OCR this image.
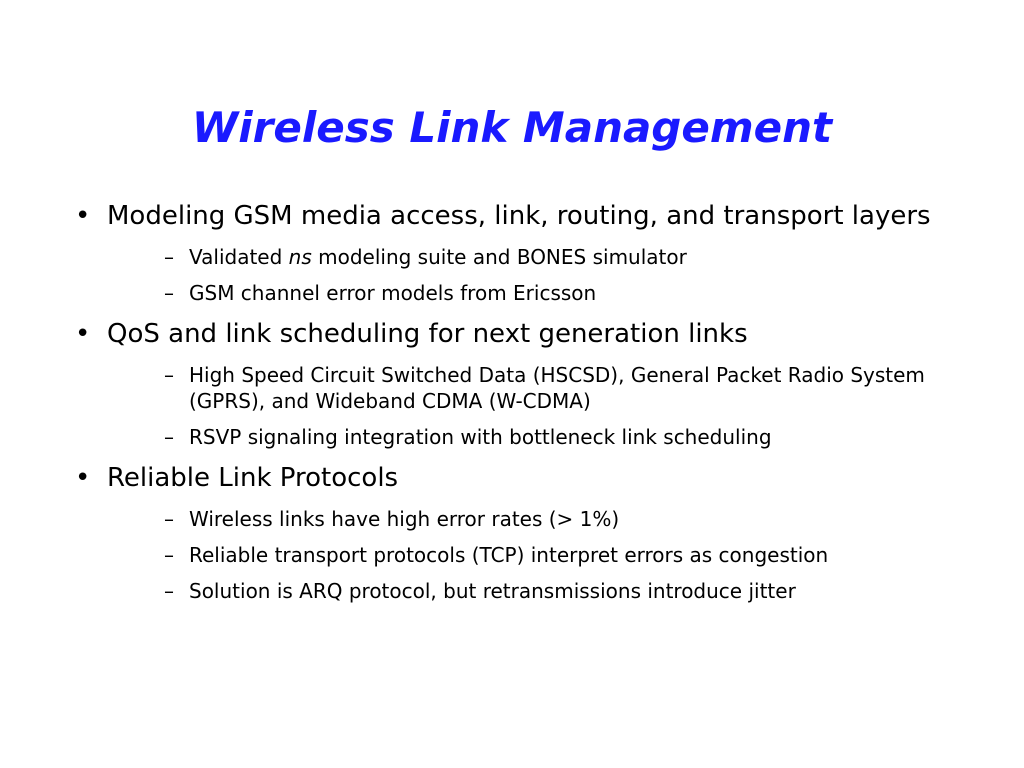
Wireless Link Management
• Modeling GSM media access, link, routing, and transport layers
– Validated ns modeling suite and BONES simulator
– GSM channel error models from Ericsson
• QoS and link scheduling for next generation links
– High Speed Circuit Switched Data (HSCSD), General Packet Radio System (GPRS), and Wideband CDMA (W-CDMA)
– RSVP signaling integration with bottleneck link scheduling
• Reliable Link Protocols
– Wireless links have high error rates (> 1%)
– Reliable transport protocols (TCP) interpret errors as congestion
– Solution is ARQ protocol, but retransmissions introduce jitter
